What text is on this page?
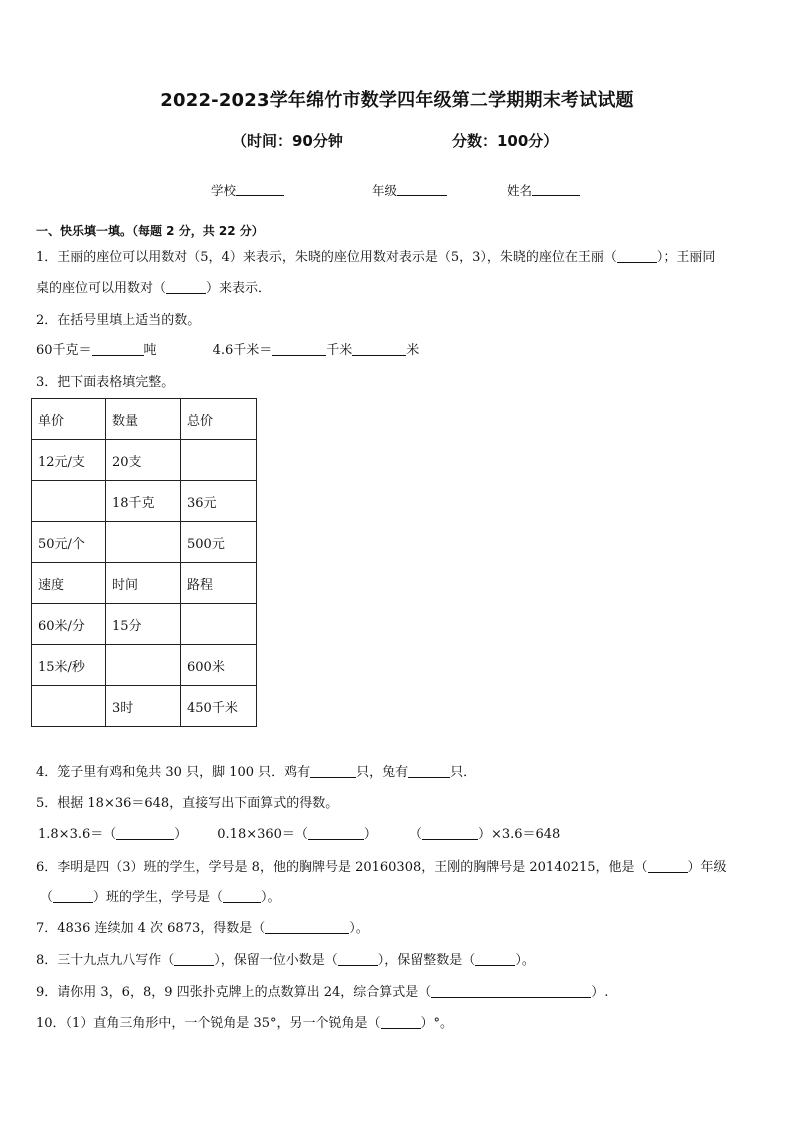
2022-2023学年绵竹市数学四年级第二学期期末考试试题
（时间：90分钟	分数：100分）
学校	年级	姓名
一、快乐填一填。（每题 2 分，共 22 分）
1．王丽的座位可以用数对（5，4）来表示，朱晓的座位用数对表示是（5，3），朱晓的座位在王丽（	）；王丽同
桌的座位可以用数对（	）来表示．
2．在括号里填上适当的数。
60千克＝	吨	4.6千米＝	千米	米
3．把下面表格填完整。
单价	数量	总价
12元/支	20支	
	18千克	36元
50元/个		500元
速度	时间	路程
60米/分	15分	
15米/秒		600米
	3时	450千米
4．笼子里有鸡和兔共 30 只，脚 100 只．鸡有	只，兔有	只．
5．根据 18×36＝648，直接写出下面算式的得数。
1.8×3.6＝（	） 0.18×360＝（	） （	）×3.6＝648
6．李明是四（3）班的学生，学号是 8，他的胸牌号是 20160308，王刚的胸牌号是 20140215，他是（	）年级
（	）班的学生，学号是（	）。
7．4836 连续加 4 次 6873，得数是（	）。
8．三十九点九八写作（	），保留一位小数是（	），保留整数是（	）。
9．请你用 3，6，8，9 四张扑克牌上的点数算出 24，综合算式是（	）.
10．（1）直角三角形中，一个锐角是 35°，另一个锐角是（	）°。
